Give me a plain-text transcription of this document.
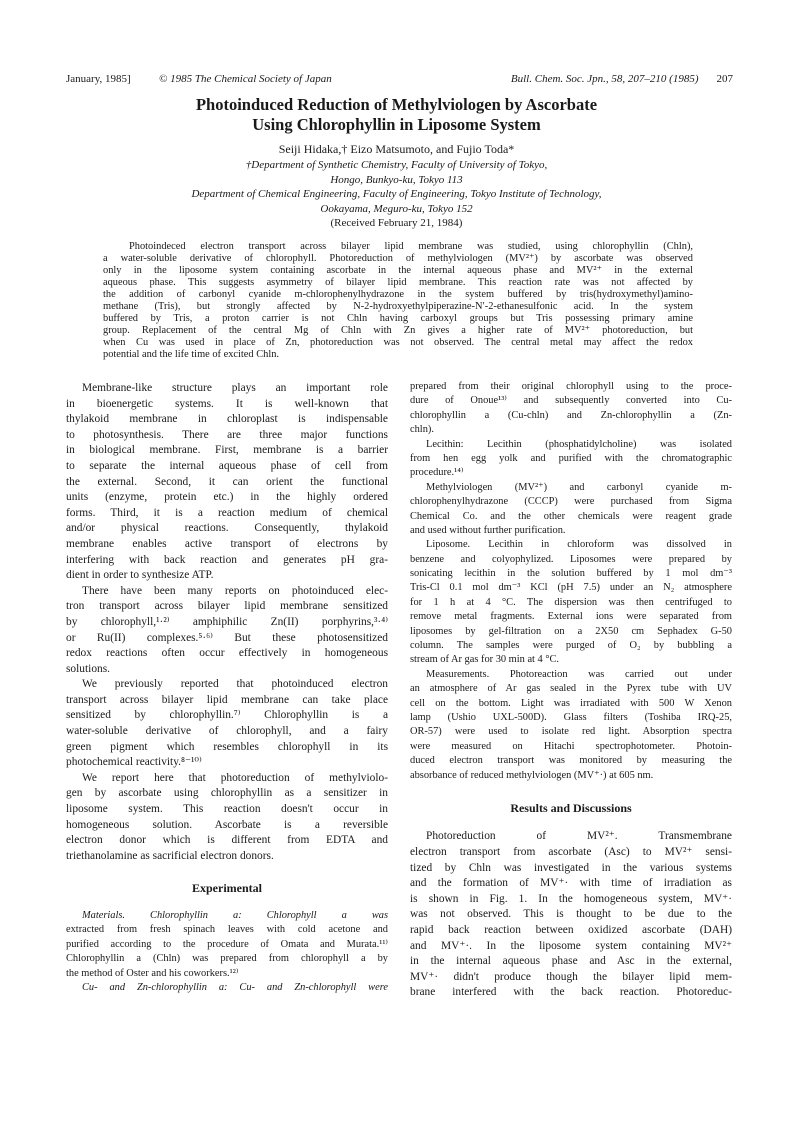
January, 1985]	© 1985 The Chemical Society of Japan	Bull. Chem. Soc. Jpn., 58, 207–210 (1985) 207
Photoinduced Reduction of Methylviologen by Ascorbate
Using Chlorophyllin in Liposome System
Seiji Hidaka,† Eizo Matsumoto, and Fujio Toda*
†Department of Synthetic Chemistry, Faculty of University of Tokyo,
Hongo, Bunkyo-ku, Tokyo 113
Department of Chemical Engineering, Faculty of Engineering, Tokyo Institute of Technology,
Ookayama, Meguro-ku, Tokyo 152
(Received February 21, 1984)
Photoindeced electron transport across bilayer lipid membrane was studied, using chlorophyllin (Chln),
a water-soluble derivative of chlorophyll. Photoreduction of methylviologen (MV²⁺) by ascorbate was observed
only in the liposome system containing ascorbate in the internal aqueous phase and MV²⁺ in the external
aqueous phase. This suggests asymmetry of bilayer lipid membrane. This reaction rate was not affected by
the addition of carbonyl cyanide m-chlorophenylhydrazone in the system buffered by tris(hydroxymethyl)amino-
methane (Tris), but strongly affected by N-2-hydroxyethylpiperazine-N′-2-ethanesulfonic acid. In the system
buffered by Tris, a proton carrier is not Chln having carboxyl groups but Tris possessing primary amine
group. Replacement of the central Mg of Chln with Zn gives a higher rate of MV²⁺ photoreduction, but
when Cu was used in place of Zn, photoreduction was not observed. The central metal may affect the redox
potential and the life time of excited Chln.
Membrane-like structure plays an important role
in bioenergetic systems. It is well-known that
thylakoid membrane in chloroplast is indispensable
to photosynthesis. There are three major functions
in biological membrane. First, membrane is a barrier
to separate the internal aqueous phase of cell from
the external. Second, it can orient the functional
units (enzyme, protein etc.) in the highly ordered
forms. Third, it is a reaction medium of chemical
and/or physical reactions. Consequently, thylakoid
membrane enables active transport of electrons by
interfering with back reaction and generates pH gra-
dient in order to synthesize ATP.
There have been many reports on photoinduced elec-
tron transport across bilayer lipid membrane sensitized
by chlorophyll,¹·²⁾ amphiphilic Zn(II) porphyrins,³·⁴⁾
or Ru(II) complexes.⁵·⁶⁾ But these photosensitized
redox reactions often occur effectively in homogeneous
solutions.
We previously reported that photoinduced electron
transport across bilayer lipid membrane can take place
sensitized by chlorophyllin.⁷⁾ Chlorophyllin is a
water-soluble derivative of chlorophyll, and a fairy
green pigment which resembles chlorophyll in its
photochemical reactivity.⁸⁻¹⁰⁾
We report here that photoreduction of methylviolo-
gen by ascorbate using chlorophyllin as a sensitizer in
liposome system. This reaction doesn't occur in
homogeneous solution. Ascorbate is a reversible
electron donor which is different from EDTA and
triethanolamine as sacrificial electron donors.
Experimental
Materials. Chlorophyllin a: Chlorophyll a was
extracted from fresh spinach leaves with cold acetone and
purified according to the procedure of Omata and Murata.¹¹⁾
Chlorophyllin a (Chln) was prepared from chlorophyll a by
the method of Oster and his coworkers.¹²⁾
Cu- and Zn-chlorophyllin a: Cu- and Zn-chlorophyll were
prepared from their original chlorophyll using to the proce-
dure of Onoue¹³⁾ and subsequently converted into Cu-
chlorophyllin a (Cu-chln) and Zn-chlorophyllin a (Zn-
chln).
Lecithin: Lecithin (phosphatidylcholine) was isolated
from hen egg yolk and purified with the chromatographic
procedure.¹⁴⁾
Methylviologen (MV²⁺) and carbonyl cyanide m-
chlorophenylhydrazone (CCCP) were purchased from Sigma
Chemical Co. and the other chemicals were reagent grade
and used without further purification.
Liposome. Lecithin in chloroform was dissolved in
benzene and colyophylized. Liposomes were prepared by
sonicating lecithin in the solution buffered by 1 mol dm⁻³
Tris-Cl 0.1 mol dm⁻³ KCl (pH 7.5) under an N₂ atmosphere
for 1 h at 4 °C. The dispersion was then centrifuged to
remove metal fragments. External ions were separated from
liposomes by gel-filtration on a 2X50 cm Sephadex G-50
column. The samples were purged of O₂ by bubbling a
stream of Ar gas for 30 min at 4 °C.
Measurements. Photoreaction was carried out under
an atmosphere of Ar gas sealed in the Pyrex tube with UV
cell on the bottom. Light was irradiated with 500 W Xenon
lamp (Ushio UXL-500D). Glass filters (Toshiba IRQ-25,
OR-57) were used to isolate red light. Absorption spectra
were measured on Hitachi spectrophotometer. Photoin-
duced electron transport was monitored by measuring the
absorbance of reduced methylviologen (MV⁺·) at 605 nm.
Results and Discussions
Photoreduction of MV²⁺. Transmembrane
electron transport from ascorbate (Asc) to MV²⁺ sensi-
tized by Chln was investigated in the various systems
and the formation of MV⁺· with time of irradiation as
is shown in Fig. 1. In the homogeneous system, MV⁺·
was not observed. This is thought to be due to the
rapid back reaction between oxidized ascorbate (DAH)
and MV⁺·. In the liposome system containing MV²⁺
in the internal aqueous phase and Asc in the external,
MV⁺· didn't produce though the bilayer lipid mem-
brane interfered with the back reaction. Photoreduc-
